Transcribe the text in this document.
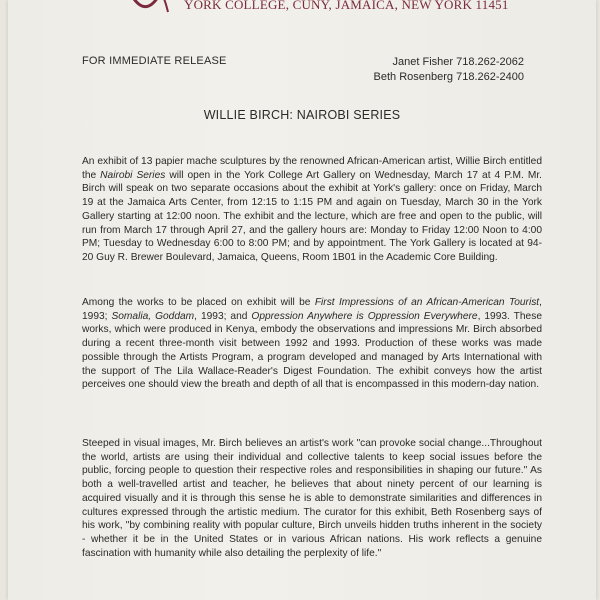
YORK COLLEGE, CUNY, JAMAICA, NEW YORK 11451
FOR IMMEDIATE RELEASE	Janet Fisher 718.262-2062
Beth Rosenberg 718.262-2400
WILLIE BIRCH: NAIROBI SERIES

An exhibit of 13 papier mache sculptures by the renowned African-American artist, Willie Birch entitled the Nairobi Series will open in the York College Art Gallery on Wednesday, March 17 at 4 P.M. Mr. Birch will speak on two separate occasions about the exhibit at York's gallery: once on Friday, March 19 at the Jamaica Arts Center, from 12:15 to 1:15 PM and again on Tuesday, March 30 in the York Gallery starting at 12:00 noon. The exhibit and the lecture, which are free and open to the public, will run from March 17 through April 27, and the gallery hours are: Monday to Friday 12:00 Noon to 4:00 PM; Tuesday to Wednesday 6:00 to 8:00 PM; and by appointment. The York Gallery is located at 94-20 Guy R. Brewer Boulevard, Jamaica, Queens, Room 1B01 in the Academic Core Building.

Among the works to be placed on exhibit will be First Impressions of an African-American Tourist, 1993; Somalia, Goddam, 1993; and Oppression Anywhere is Oppression Everywhere, 1993. These works, which were produced in Kenya, embody the observations and impressions Mr. Birch absorbed during a recent three-month visit between 1992 and 1993. Production of these works was made possible through the Artists Program, a program developed and managed by Arts International with the support of The Lila Wallace-Reader's Digest Foundation. The exhibit conveys how the artist perceives one should view the breath and depth of all that is encompassed in this modern-day nation.

Steeped in visual images, Mr. Birch believes an artist's work "can provoke social change...Throughout the world, artists are using their individual and collective talents to keep social issues before the public, forcing people to question their respective roles and responsibilities in shaping our future." As both a well-travelled artist and teacher, he believes that about ninety percent of our learning is acquired visually and it is through this sense he is able to demonstrate similarities and differences in cultures expressed through the artistic medium. The curator for this exhibit, Beth Rosenberg says of his work, "by combining reality with popular culture, Birch unveils hidden truths inherent in the society - whether it be in the United States or in various African nations. His work reflects a genuine fascination with humanity while also detailing the perplexity of life."
